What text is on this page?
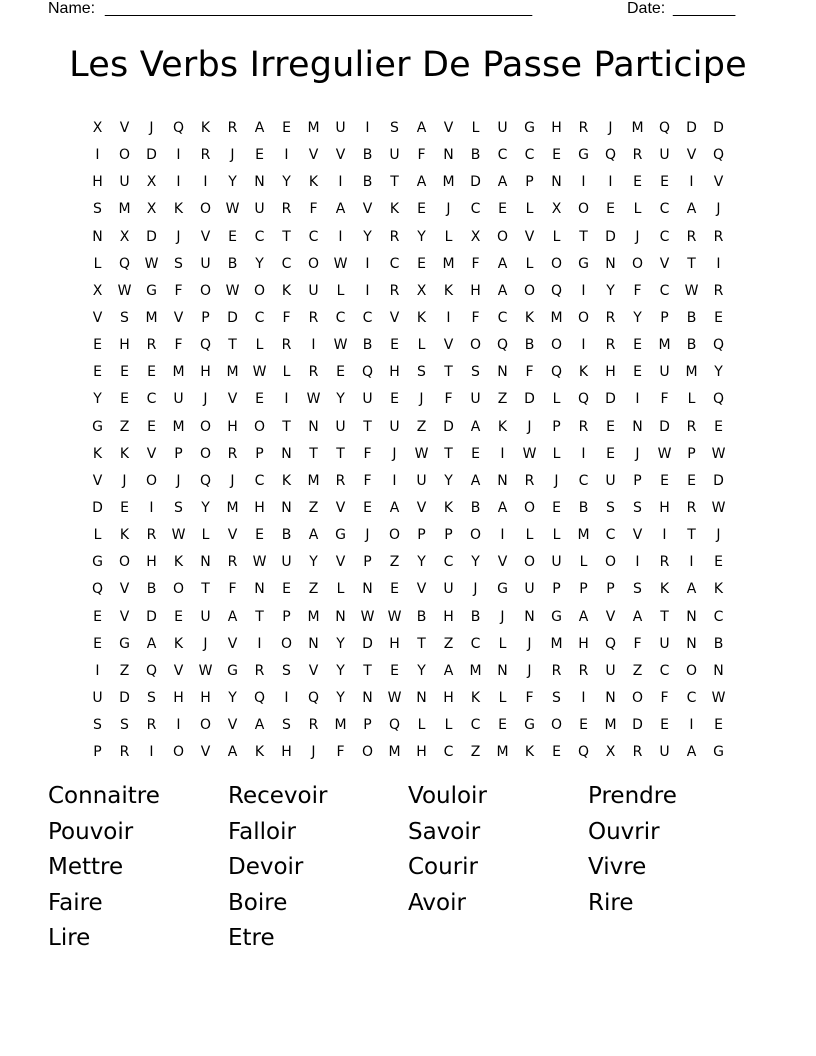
Name: ________________________________________________	Date: _______
Les Verbs Irregulier De Passe Participe
X	V	J	Q	K	R	A	E	M	U	I	S	A	V	L	U	G	H	R	J	M	Q	D	D
I	O	D	I	R	J	E	I	V	V	B	U	F	N	B	C	C	E	G	Q	R	U	V	Q
H	U	X	I	I	Y	N	Y	K	I	B	T	A	M	D	A	P	N	I	I	E	E	I	V
S	M	X	K	O	W	U	R	F	A	V	K	E	J	C	E	L	X	O	E	L	C	A	J
N	X	D	J	V	E	C	T	C	I	Y	R	Y	L	X	O	V	L	T	D	J	C	R	R
L	Q	W	S	U	B	Y	C	O	W	I	C	E	M	F	A	L	O	G	N	O	V	T	I
X	W	G	F	O	W	O	K	U	L	I	R	X	K	H	A	O	Q	I	Y	F	C	W	R
V	S	M	V	P	D	C	F	R	C	C	V	K	I	F	C	K	M	O	R	Y	P	B	E
E	H	R	F	Q	T	L	R	I	W	B	E	L	V	O	Q	B	O	I	R	E	M	B	Q
E	E	E	M	H	M	W	L	R	E	Q	H	S	T	S	N	F	Q	K	H	E	U	M	Y
Y	E	C	U	J	V	E	I	W	Y	U	E	J	F	U	Z	D	L	Q	D	I	F	L	Q
G	Z	E	M	O	H	O	T	N	U	T	U	Z	D	A	K	J	P	R	E	N	D	R	E
K	K	V	P	O	R	P	N	T	T	F	J	W	T	E	I	W	L	I	E	J	W	P	W
V	J	O	J	Q	J	C	K	M	R	F	I	U	Y	A	N	R	J	C	U	P	E	E	D
D	E	I	S	Y	M	H	N	Z	V	E	A	V	K	B	A	O	E	B	S	S	H	R	W
L	K	R	W	L	V	E	B	A	G	J	O	P	P	O	I	L	L	M	C	V	I	T	J
G	O	H	K	N	R	W	U	Y	V	P	Z	Y	C	Y	V	O	U	L	O	I	R	I	E
Q	V	B	O	T	F	N	E	Z	L	N	E	V	U	J	G	U	P	P	P	S	K	A	K
E	V	D	E	U	A	T	P	M	N	W W	B	H	B	J	N	G	A	V	A	T	N	C
E	G	A	K	J	V	I	O	N	Y	D	H	T	Z	C	L	J	M	H	Q	F	U	N	B
I	Z	Q	V	W	G	R	S	V	Y	T	E	Y	A	M	N	J	R	R	U	Z	C	O	N
U	D	S	H	H	Y	Q	I	Q	Y	N	W	N	H	K	L	F	S	I	N	O	F	C	W
S	S	R	I	O	V	A	S	R	M	P	Q	L	L	C	E	G	O	E	M	D	E	I	E
P	R	I	O	V	A	K	H	J	F	O	M	H	C	Z	M	K	E	Q	X	R	U	A	G
Connaitre	Recevoir	Vouloir	Prendre
Pouvoir	Falloir	Savoir	Ouvrir
Mettre	Devoir	Courir	Vivre
Faire	Boire	Avoir	Rire
Lire	Etre
